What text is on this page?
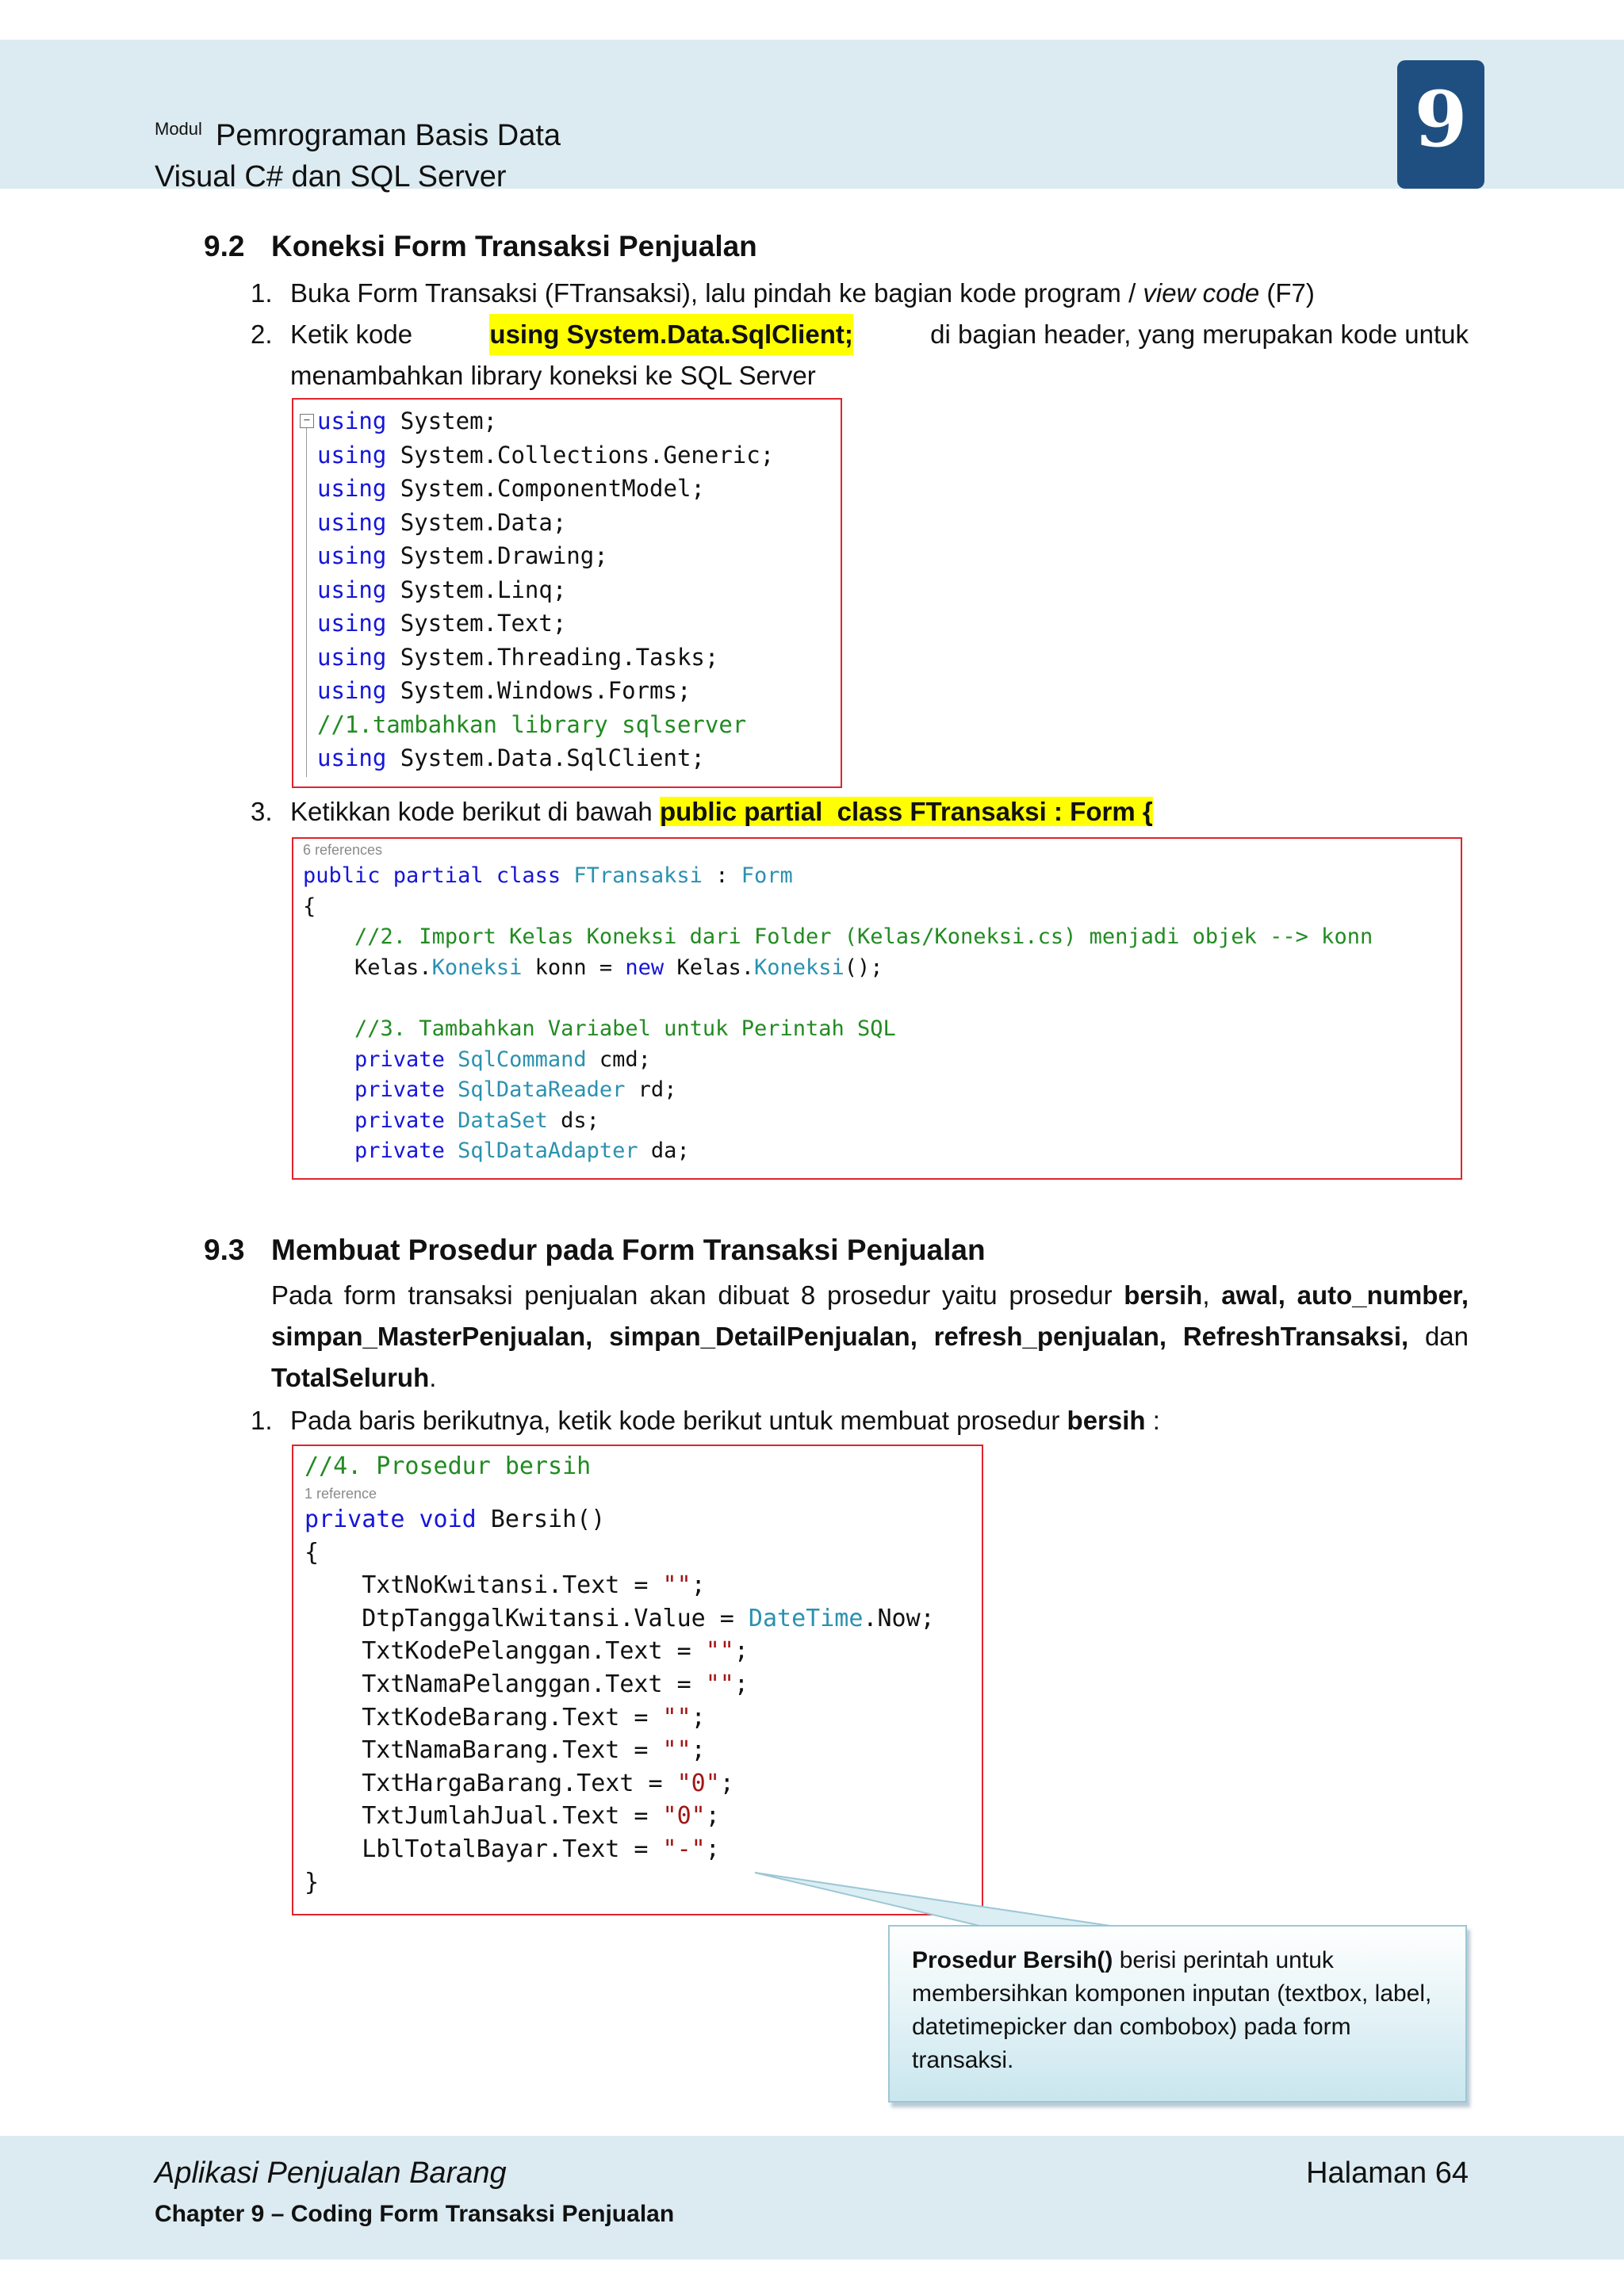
Modul Pemrograman Basis Data
Visual C# dan SQL Server
9
9.2 Koneksi Form Transaksi Penjualan
1. Buka Form Transaksi (FTransaksi), lalu pindah ke bagian kode program / view code (F7)
2. Ketik kode	using System.Data.SqlClient;	di bagian header, yang merupakan kode untuk
menambahkan library koneksi ke SQL Server
− using System;
using System.Collections.Generic;
using System.ComponentModel;
using System.Data;
using System.Drawing;
using System.Linq;
using System.Text;
using System.Threading.Tasks;
using System.Windows.Forms;
//1.tambahkan library sqlserver
using System.Data.SqlClient;
3. Ketikkan kode berikut di bawah public partial  class FTransaksi : Form {
6 references
public partial class FTransaksi : Form
{
//2. Import Kelas Koneksi dari Folder (Kelas/Koneksi.cs) menjadi objek --> konn
Kelas.Koneksi konn = new Kelas.Koneksi();

//3. Tambahkan Variabel untuk Perintah SQL
private SqlCommand cmd;
private SqlDataReader rd;
private DataSet ds;
private SqlDataAdapter da;
9.3 Membuat Prosedur pada Form Transaksi Penjualan
Pada form transaksi penjualan akan dibuat 8 prosedur yaitu prosedur bersih, awal, auto_number, simpan_MasterPenjualan, simpan_DetailPenjualan, refresh_penjualan, RefreshTransaksi, dan TotalSeluruh.
1. Pada baris berikutnya, ketik kode berikut untuk membuat prosedur bersih :
//4. Prosedur bersih
1 reference
private void Bersih()
{
TxtNoKwitansi.Text = "";
DtpTanggalKwitansi.Value = DateTime.Now;
TxtKodePelanggan.Text = "";
TxtNamaPelanggan.Text = "";
TxtKodeBarang.Text = "";
TxtNamaBarang.Text = "";
TxtHargaBarang.Text = "0";
TxtJumlahJual.Text = "0";
LblTotalBayar.Text = "-";
}
Prosedur Bersih() berisi perintah untuk membersihkan komponen inputan (textbox, label, datetimepicker dan combobox) pada form transaksi.
Aplikasi Penjualan Barang
Chapter 9 – Coding Form Transaksi Penjualan
Halaman 64
